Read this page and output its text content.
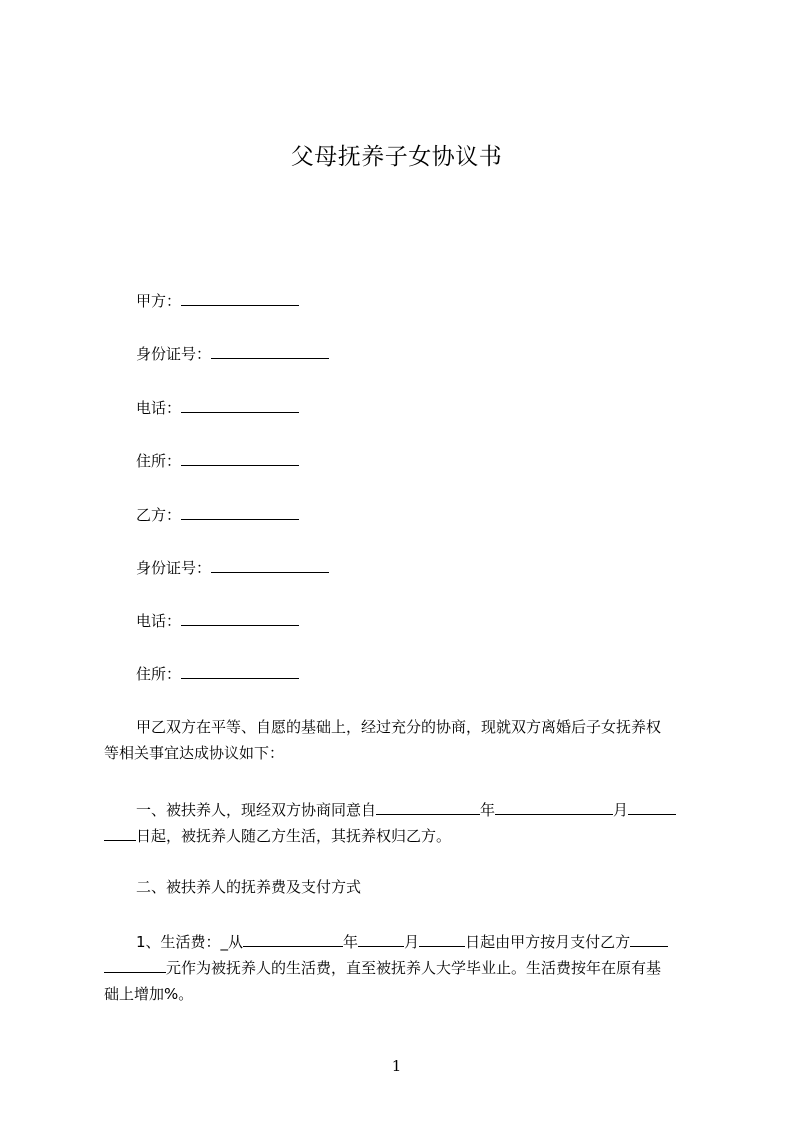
父母抚养子女协议书
甲方：
身份证号：
电话：
住所：
乙方：
身份证号：
电话：
住所：
甲乙双方在平等、自愿的基础上，经过充分的协商，现就双方离婚后子女抚养权
等相关事宜达成协议如下：
一、被扶养人，现经双方协商同意自	年	月
日起，被抚养人随乙方生活，其抚养权归乙方。
二、被扶养人的抚养费及支付方式
1、生活费：_从	年	月	日起由甲方按月支付乙方
元作为被抚养人的生活费，直至被抚养人大学毕业止。生活费按年在原有基
础上增加%。
1
